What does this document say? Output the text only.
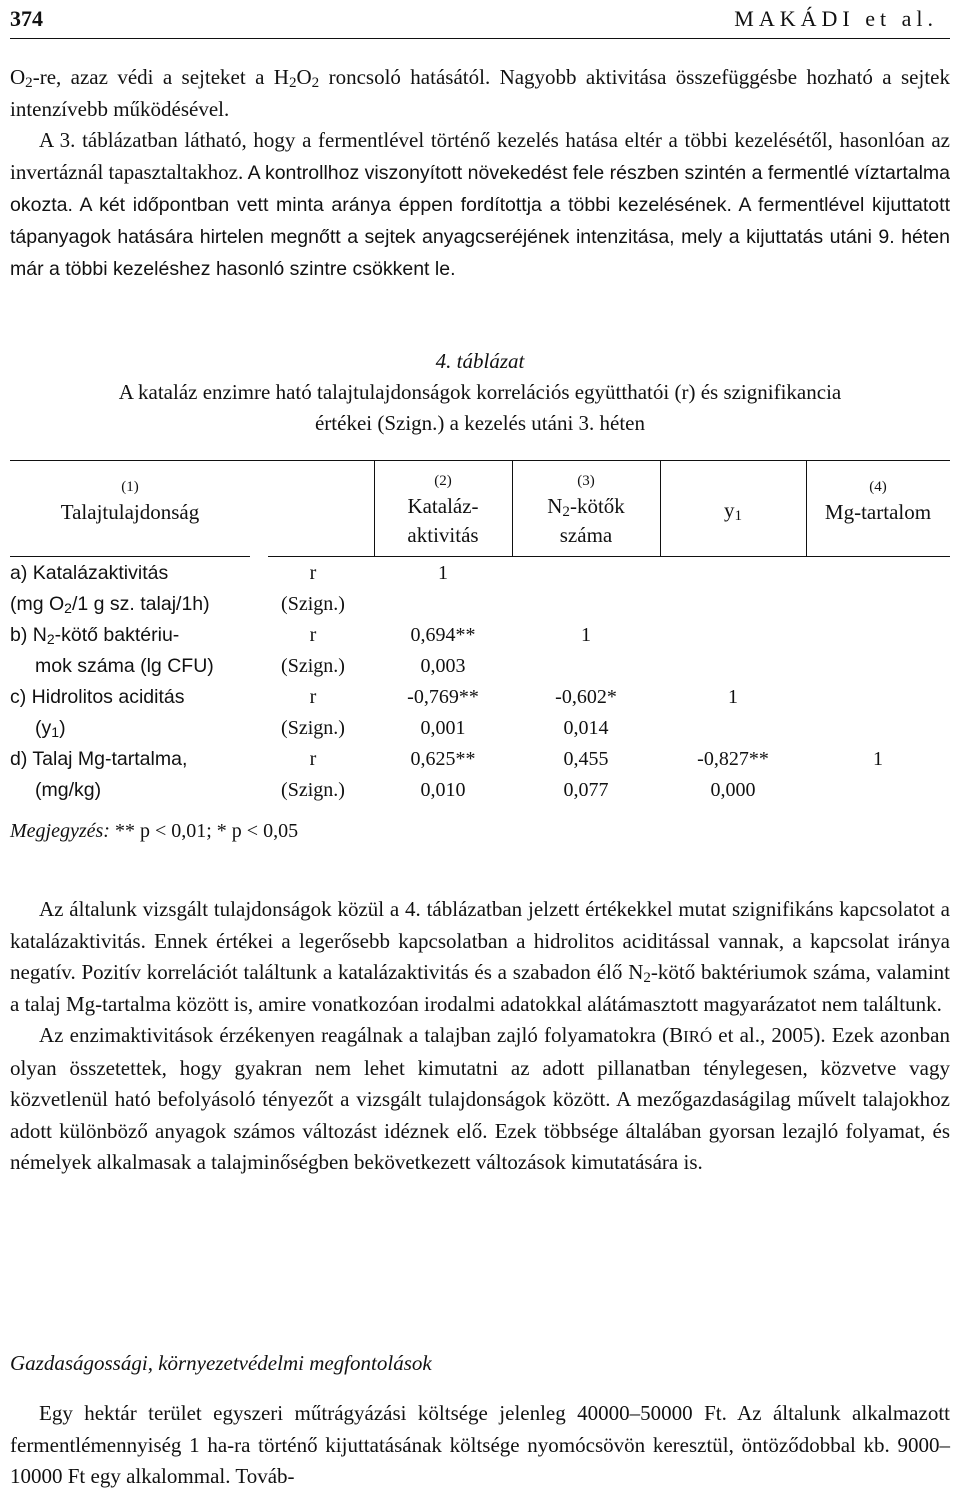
374	MAKÁDI et al.

$O_2-re$, azaz védi a sejteket a $H_2O_2$ roncsoló hatásától. Nagyobb aktivitása összefüggésbe hozható a sejtek intenzívebb működésével.

A 3. táblázatban látható, hogy a fermentlével történő kezelés hatása eltér a többi kezelésétől, hasonlóan az invertáznál tapasztaltakhoz. A kontrollhoz viszonyított növekedést fele részben szintén a fermentlé víztartalma okozta. A két időpontban vett minta aránya éppen fordítottja a többi kezelésének. A fermentlével kijuttatott tápanyagok hatására hirtelen megnőtt a sejtek anyagcseréjének intenzitása, mely a kijuttatás utáni 9. héten már a többi kezeléshez hasonló szintre csökkent le.

4. táblázat
A kataláz enzimre ható talajtulajdonságok korrelációs együtthatói (r) és szignifikancia
értékei (Szign.) a kezelés utáni 3. héten
(1)
Talajtulajdonság
(2)
Kataláz-
aktivitás
(3)
$N_2$-kötők
száma
$y_1$
(4)
Mg-tartalom
a) Katalázaktivitás
(mg $O_2/1$ g sz. talaj/1h)
r
(Szign.)
1
b) $N_2$-kötő baktériu-
mok száma (lg CFU)
r
(Szign.)
0,694**
0,003
1
c) Hidrolitos aciditás
$(y_1)$
r
(Szign.)
-0,769**
0,001
-0,602*
0,014
1
d) Talaj Mg-tartalma,
(mg/kg)
r
(Szign.)
0,625**
0,010
0,455
0,077
-0,827**
0,000
1
Megjegyzés: ** p < 0,01; * p < 0,05

Az általunk vizsgált tulajdonságok közül a 4. táblázatban jelzett értékekkel mutat szignifikáns kapcsolatot a katalázaktivitás. Ennek értékei a legerősebb kapcsolatban a hidrolitos aciditással vannak, a kapcsolat iránya negatív. Pozitív korrelációt találtunk a katalázaktivitás és a szabadon élő $N_2$-kötő baktériumok száma, valamint a talaj Mg-tartalma között is, amire vonatkozóan irodalmi adatokkal alátámasztott magyarázatot nem találtunk.

Az enzimaktivitások érzékenyen reagálnak a talajban zajló folyamatokra (BIRÓ et al., 2005). Ezek azonban olyan összetettek, hogy gyakran nem lehet kimutatni az adott pillanatban ténylegesen, közvetve vagy közvetlenül ható befolyásoló tényezőt a vizsgált tulajdonságok között. A mezőgazdaságilag művelt talajokhoz adott különböző anyagok számos változást idéznek elő. Ezek többsége általában gyorsan lezajló folyamat, és némelyek alkalmasak a talajminőségben bekövetkezett változások kimutatására is.

Gazdaságossági, környezetvédelmi megfontolások

Egy hektár terület egyszeri műtrágyázási költsége jelenleg 40000–50000 Ft. Az általunk alkalmazott fermentlémennyiség 1 ha-ra történő kijuttatásának költsége nyomócsövön keresztül, öntöződobbal kb. 9000–10000 Ft egy alkalommal. Továb-
